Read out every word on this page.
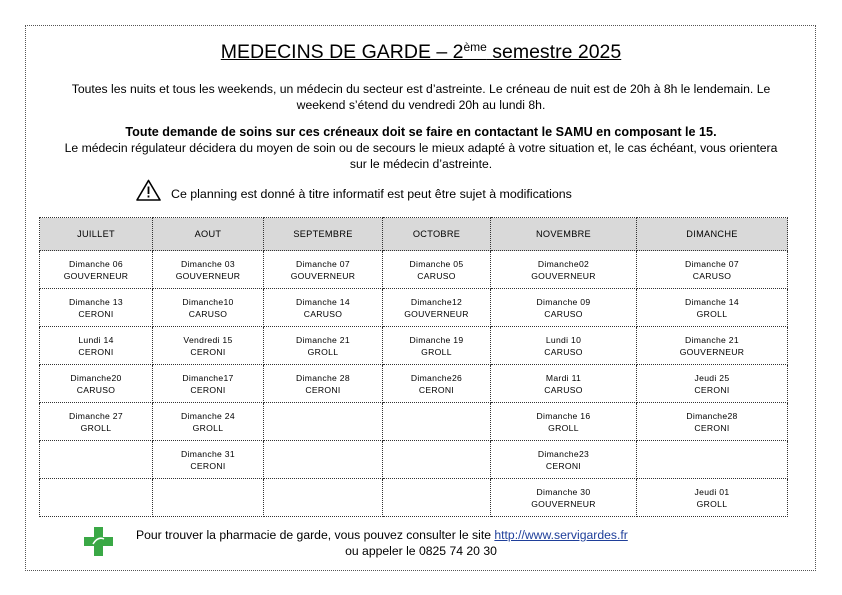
MEDECINS DE GARDE – 2ème semestre 2025
Toutes les nuits et tous les weekends, un médecin du secteur est d’astreinte. Le créneau de nuit est de 20h à 8h le lendemain. Le weekend s’étend du vendredi 20h au lundi 8h.
Toute demande de soins sur ces créneaux doit se faire en contactant le SAMU en composant le 15.
Le médecin régulateur décidera du moyen de soin ou de secours le mieux adapté à votre situation et, le cas échéant, vous orientera sur le médecin d’astreinte.
Ce planning est donné à titre informatif est peut être sujet à modifications
JUILLET	AOUT	SEPTEMBRE	OCTOBRE	NOVEMBRE	DIMANCHE

Dimanche 06
GOUVERNEUR	Dimanche 03
GOUVERNEUR	Dimanche 07
GOUVERNEUR	Dimanche 05
CARUSO	Dimanche02
GOUVERNEUR	Dimanche 07
CARUSO

Dimanche 13
CERONI	Dimanche10
CARUSO	Dimanche 14
CARUSO	Dimanche12
GOUVERNEUR	Dimanche 09
CARUSO	Dimanche 14
GROLL

Lundi 14
CERONI	Vendredi 15
CERONI	Dimanche 21
GROLL	Dimanche 19
GROLL	Lundi 10
CARUSO	Dimanche 21
GOUVERNEUR

Dimanche20
CARUSO	Dimanche17
CERONI	Dimanche 28
CERONI	Dimanche26
CERONI	Mardi 11
CARUSO	Jeudi 25
CERONI

Dimanche 27
GROLL	Dimanche 24
GROLL			Dimanche 16
GROLL	Dimanche28
CERONI

	Dimanche 31
CERONI			Dimanche23
CERONI	

				Dimanche 30
GOUVERNEUR	Jeudi 01
GROLL
Pour trouver la pharmacie de garde, vous pouvez consulter le site http://www.servigardes.fr
ou appeler le 0825 74 20 30
